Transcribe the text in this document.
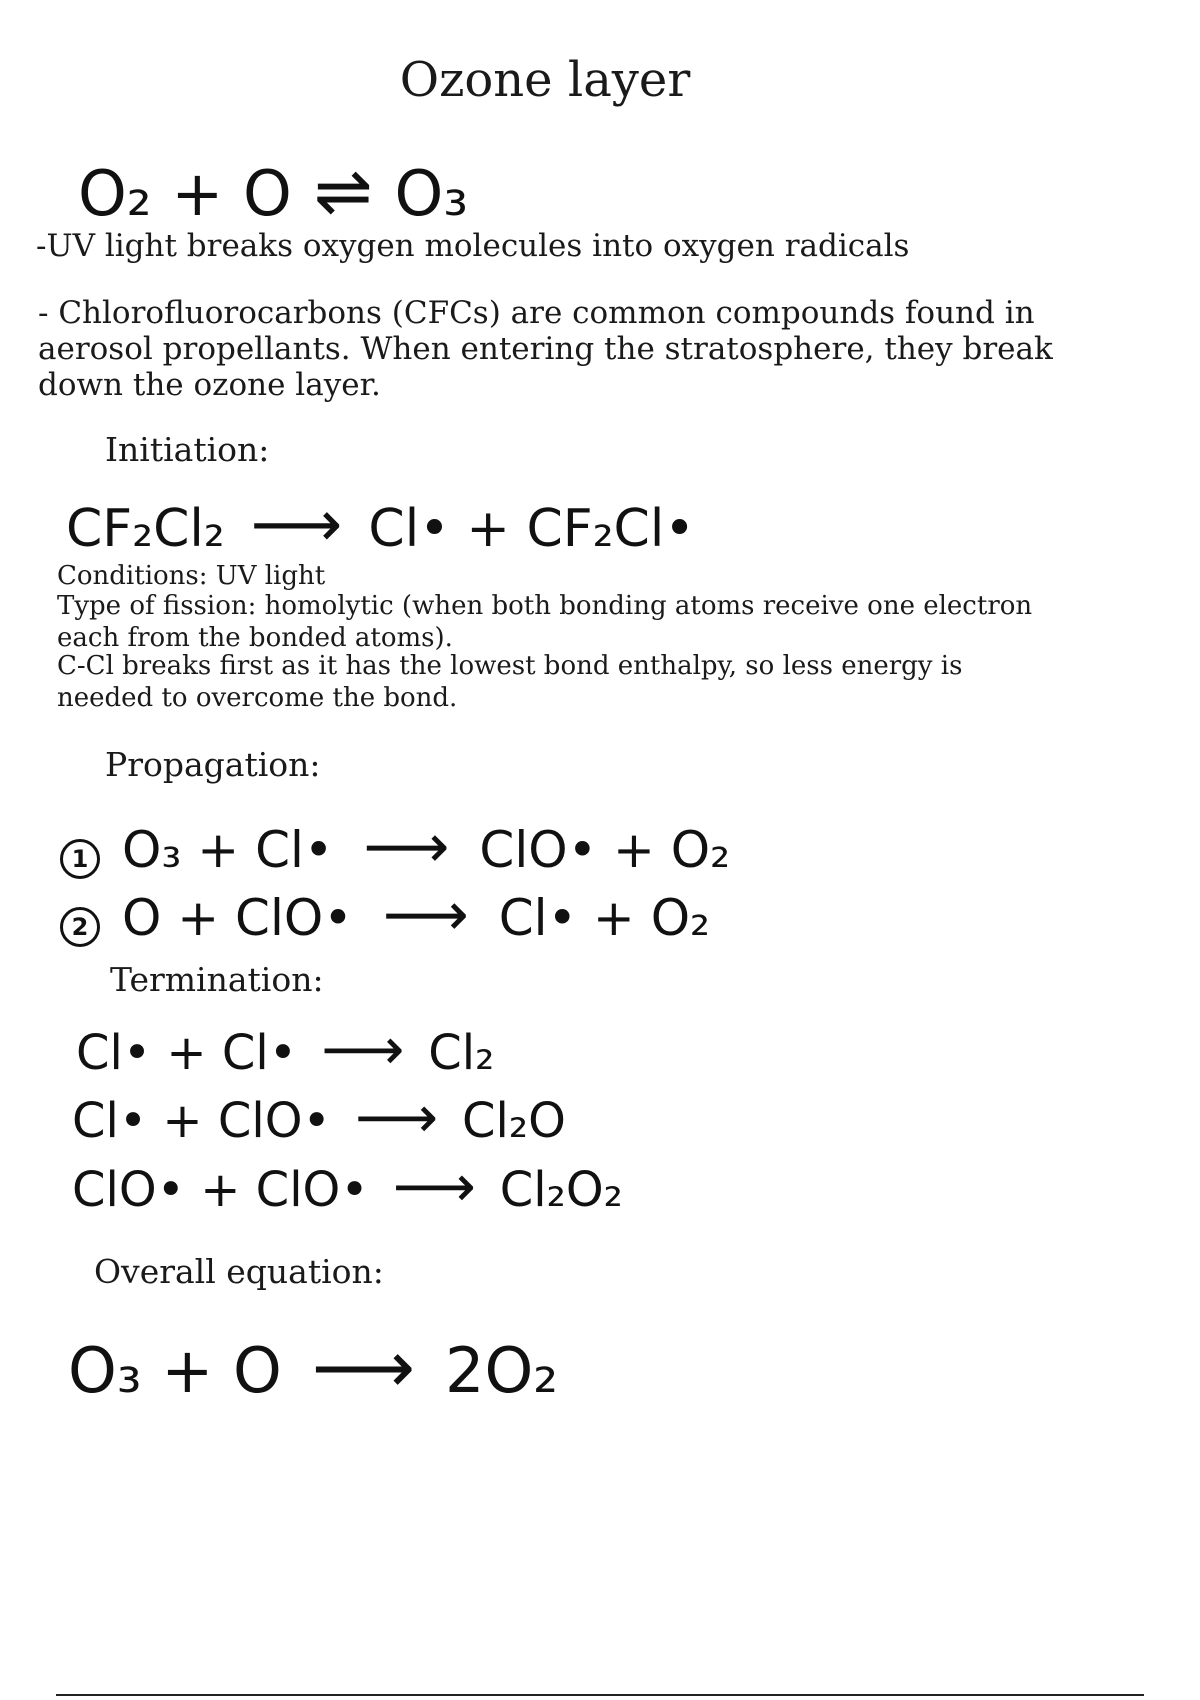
Ozone layer
O₂ + O ⇌ O₃
-UV light breaks oxygen molecules into oxygen radicals
- Chlorofluorocarbons (CFCs) are common compounds found in aerosol propellants. When entering the stratosphere, they break down the ozone layer.
Initiation:
CF₂Cl₂ ⟶ Cl• + CF₂Cl•
Conditions: UV light
Type of fission: homolytic (when both bonding atoms receive one electron each from the bonded atoms).
C-Cl breaks first as it has the lowest bond enthalpy, so less energy is needed to overcome the bond.
Propagation:
1 O₃ + Cl• ⟶ ClO• + O₂
2 O + ClO• ⟶ Cl• + O₂
Termination:
Cl• + Cl• ⟶ Cl₂
Cl• + ClO• ⟶ Cl₂O
ClO• + ClO• ⟶ Cl₂O₂
Overall equation:
O₃ + O ⟶ 2O₂
